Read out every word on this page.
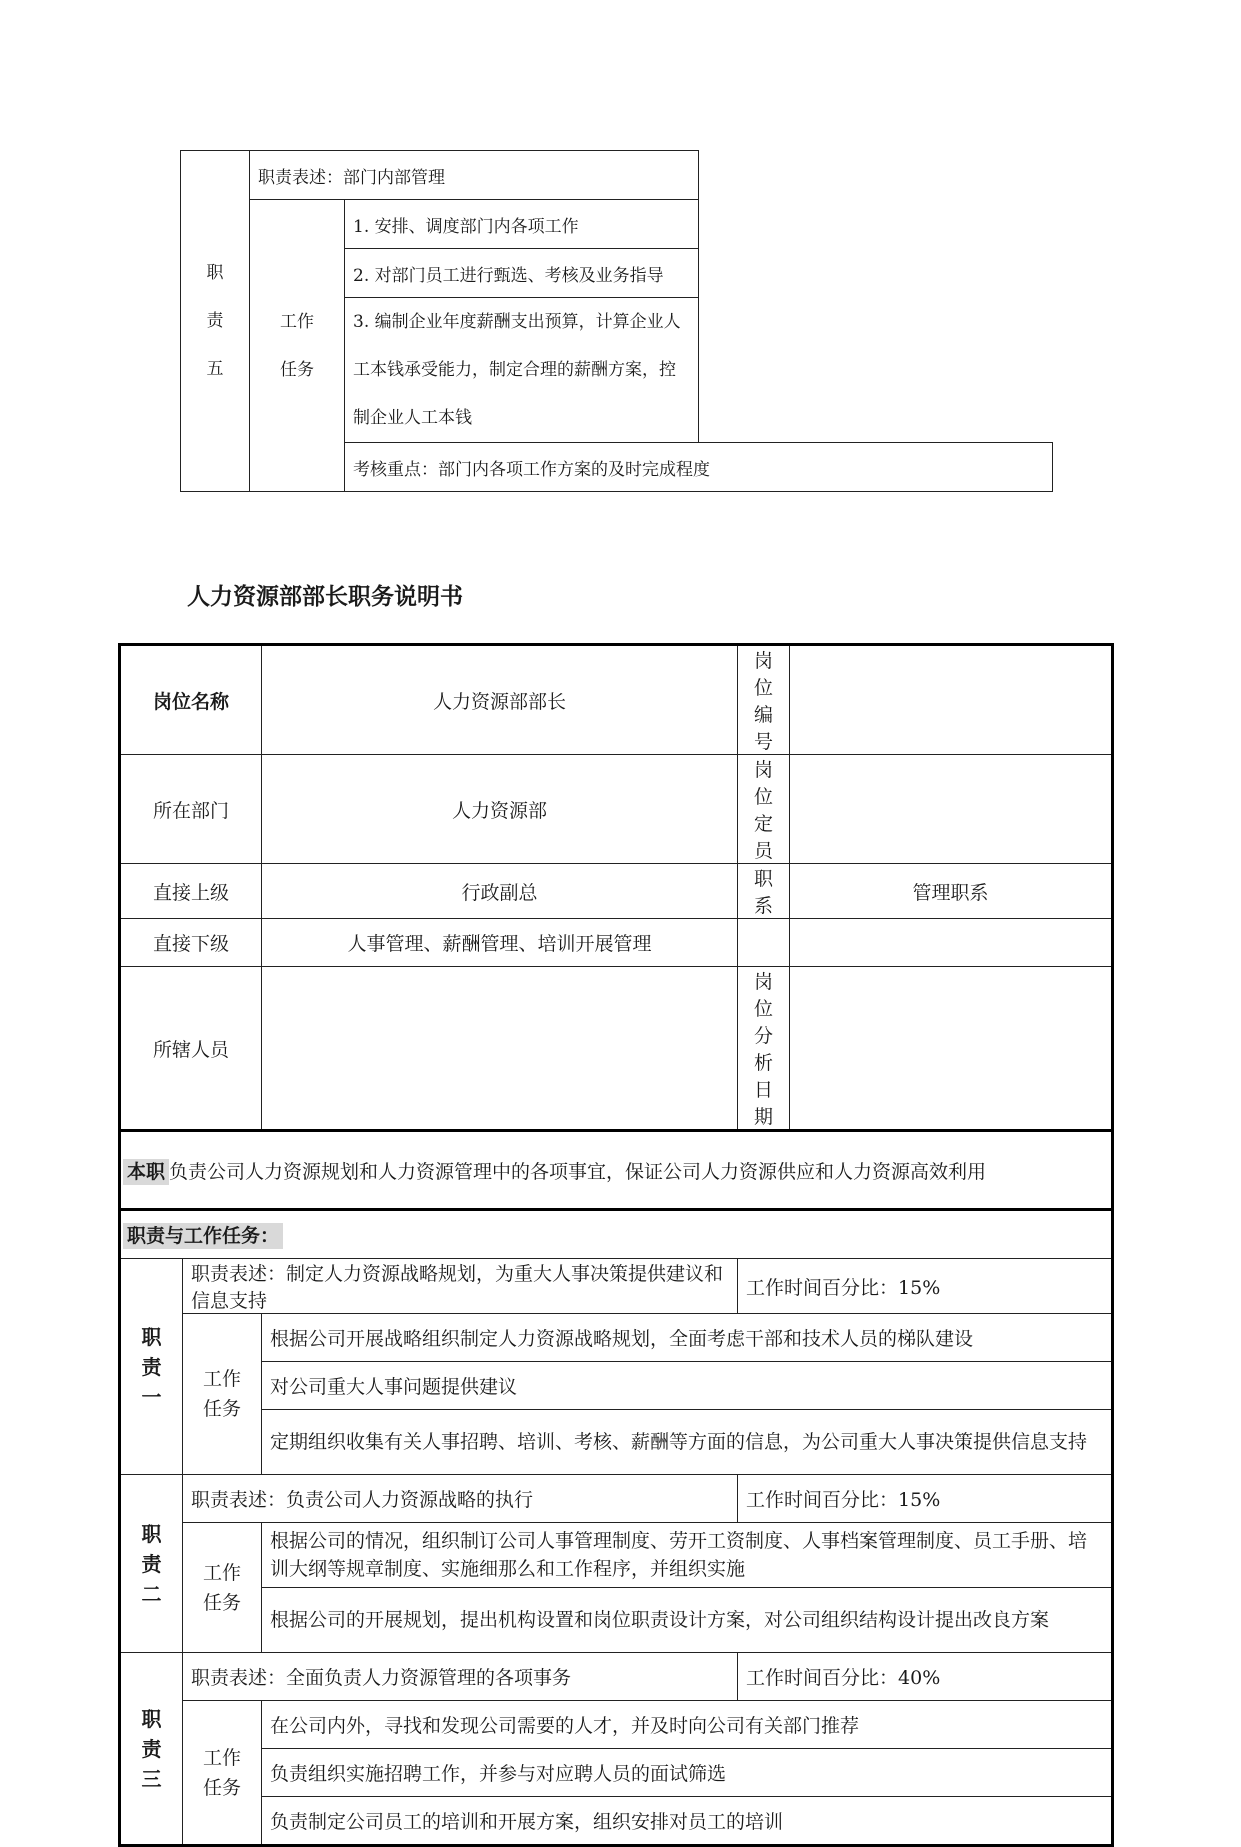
职
责
五	职责表述：部门内部管理	

	工作
任务	1. 安排、调度部门内各项工作
		2. 对部门员工进行甄选、考核及业务指导
		3. 编制企业年度薪酬支出预算，计算企业人工本钱承受能力，制定合理的薪酬方案，控制企业人工本钱
		考核重点：部门内各项工作方案的及时完成程度
人力资源部部长职务说明书
岗位名称		人力资源部部长	岗位编号	
所在部门		人力资源部	岗位定员	
直接上级		行政副总	职系	管理职系
直接下级		人事管理、薪酬管理、培训开展管理		
所辖人员			岗位分析日期	
本职 负责公司人力资源规划和人力资源管理中的各项事宜，保证公司人力资源供应和人力资源高效利用				
职责与工作任务：				

职
责
一	职责表述：制定人力资源战略规划，为重大人事决策提供建议和信息支持		工作时间百分比：15%	

	工作
任务	根据公司开展战略组织制定人力资源战略规划，全面考虑干部和技术人员的梯队建设		
		对公司重大人事问题提供建议		
		定期组织收集有关人事招聘、培训、考核、薪酬等方面的信息，为公司重大人事决策提供信息支持		

职
责
二	职责表述：负责公司人力资源战略的执行		工作时间百分比：15%	

	工作
任务	根据公司的情况，组织制订公司人事管理制度、劳开工资制度、人事档案管理制度、员工手册、培训大纲等规章制度、实施细那么和工作程序，并组织实施		
		根据公司的开展规划，提出机构设置和岗位职责设计方案，对公司组织结构设计提出改良方案		

职
责
三	职责表述：全面负责人力资源管理的各项事务		工作时间百分比：40%	

	工作
任务	在公司内外，寻找和发现公司需要的人才，并及时向公司有关部门推荐		
		负责组织实施招聘工作，并参与对应聘人员的面试筛选		
		负责制定公司员工的培训和开展方案，组织安排对员工的培训		
